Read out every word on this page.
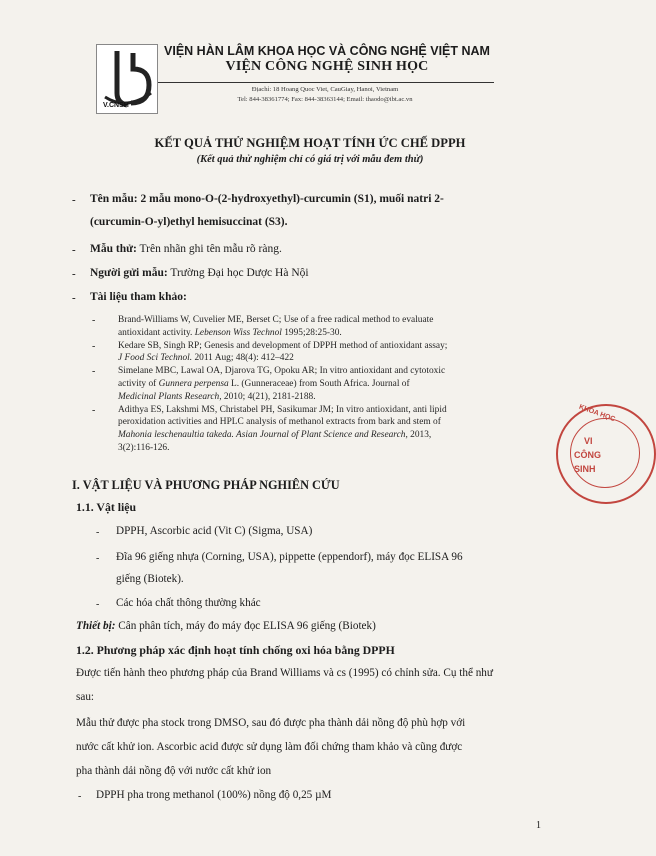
V.CNSH
VIỆN HÀN LÂM KHOA HỌC VÀ CÔNG NGHỆ VIỆT NAM
VIỆN CÔNG NGHỆ SINH HỌC
Địachỉ: 18 Hoang Quoc Viet, CauGiay, Hanoi, Vietnam
Tel: 844-38361774; Fax: 844-38363144; Email: thaodo@ibt.ac.vn
KẾT QUẢ THỬ NGHIỆM HOẠT TÍNH ỨC CHẾ DPPH
(Kết quả thử nghiệm chỉ có giá trị với mẫu đem thử)
- Tên mẫu: 2 mẫu mono-O-(2-hydroxyethyl)-curcumin (S1), muối natri 2-
(curcumin-O-yl)ethyl hemisuccinat (S3).
- Mẫu thử: Trên nhãn ghi tên mẫu rõ ràng.
- Người gửi mẫu: Trường Đại học Dược Hà Nội
- Tài liệu tham khảo:
- Brand-Williams W, Cuvelier ME, Berset C; Use of a free radical method to evaluate
antioxidant activity. Lebenson Wiss Technol 1995;28:25-30.
- Kedare SB, Singh RP; Genesis and development of DPPH method of antioxidant assay;
J Food Sci Technol. 2011 Aug; 48(4): 412–422
- Simelane MBC, Lawal OA, Djarova TG, Opoku AR; In vitro antioxidant and cytotoxic
activity of Gunnera perpensa L. (Gunneraceae) from South Africa. Journal of
Medicinal Plants Research, 2010; 4(21), 2181-2188.
- Adithya ES, Lakshmi MS, Christabel PH, Sasikumar JM; In vitro antioxidant, anti lipid
peroxidation activities and HPLC analysis of methanol extracts from bark and stem of
Mahonia leschenaultia takeda. Asian Journal of Plant Science and Research, 2013,
3(2):116-126.
I. VẬT LIỆU VÀ PHƯƠNG PHÁP NGHIÊN CỨU
1.1. Vật liệu
- DPPH, Ascorbic acid (Vit C) (Sigma, USA)
- Đĩa 96 giếng nhựa (Corning, USA), pippette (eppendorf), máy đọc ELISA 96
giếng (Biotek).
- Các hóa chất thông thường khác
Thiết bị: Cân phân tích, máy đo máy đọc ELISA 96 giếng (Biotek)
1.2. Phương pháp xác định hoạt tính chống oxi hóa bằng DPPH
Được tiến hành theo phương pháp của Brand Williams và cs (1995) có chỉnh sửa. Cụ thể như
sau:
Mẫu thử được pha stock trong DMSO, sau đó được pha thành dải nồng độ phù hợp với
nước cất khử ion. Ascorbic acid được sử dụng làm đối chứng tham khảo và cũng được
pha thành dải nồng độ với nước cất khử ion
- DPPH pha trong methanol (100%) nồng độ 0,25 µM
KHOA HỌC
VI
CÔNG
SINH
1
